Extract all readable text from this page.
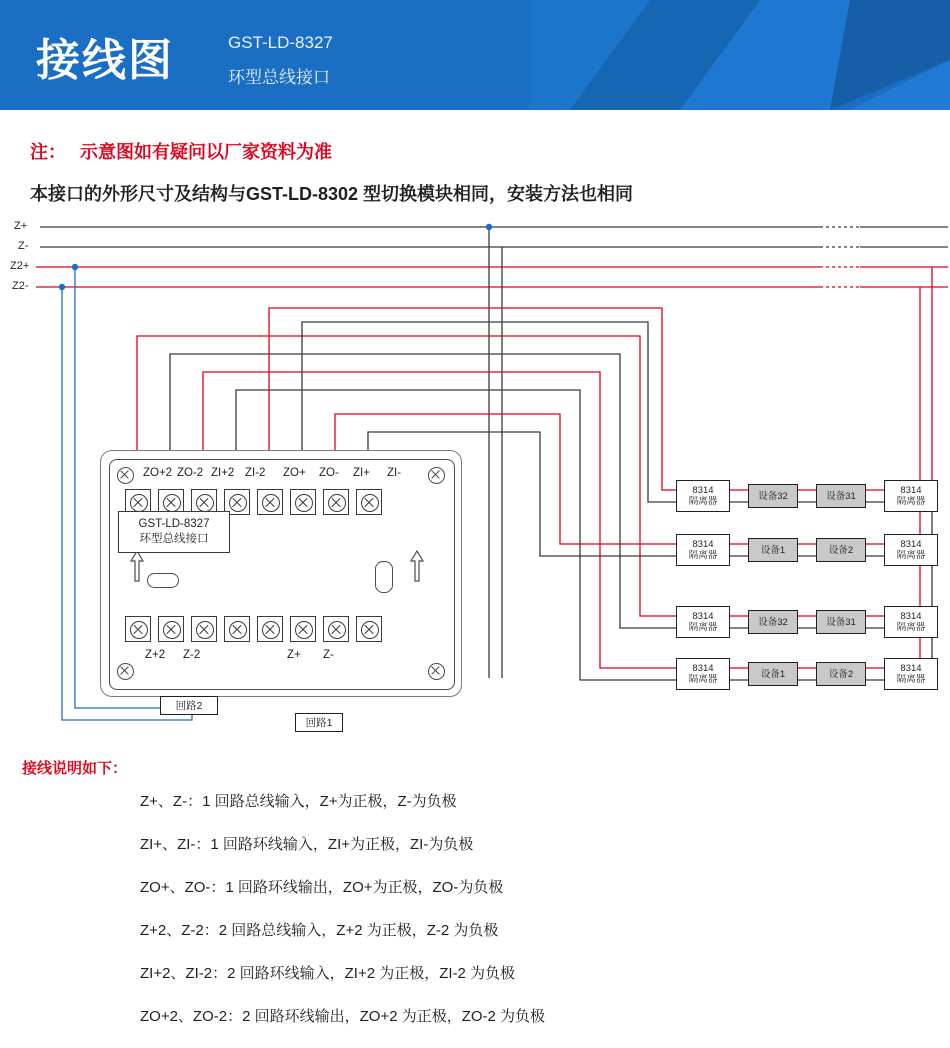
接线图	GST-LD-8327
环型总线接口
注： 示意图如有疑问以厂家资料为准
本接口的外形尺寸及结构与GST-LD-8302 型切换模块相同，安装方法也相同
Z+
Z-
Z2+
Z2-
ZO+2 ZO-2 ZI+2 ZI-2 ZO+ ZO- ZI+ ZI-
Z+2 Z-2	Z+ Z-
GST-LD-8327
环型总线接口
回路2
回路1
8314
隔离器	设备32	设备31	8314
隔离器
8314
隔离器	设备1	设备2	8314
隔离器
8314
隔离器	设备32	设备31	8314
隔离器
8314
隔离器	设备1	设备2	8314
隔离器
接线说明如下：
Z+、Z-：1 回路总线输入，Z+为正极，Z-为负极
ZI+、ZI-：1 回路环线输入，ZI+为正极，ZI-为负极
ZO+、ZO-：1 回路环线输出，ZO+为正极，ZO-为负极
Z+2、Z-2：2 回路总线输入，Z+2 为正极，Z-2 为负极
ZI+2、ZI-2：2 回路环线输入，ZI+2 为正极，ZI-2 为负极
ZO+2、ZO-2：2 回路环线输出，ZO+2 为正极，ZO-2 为负极
